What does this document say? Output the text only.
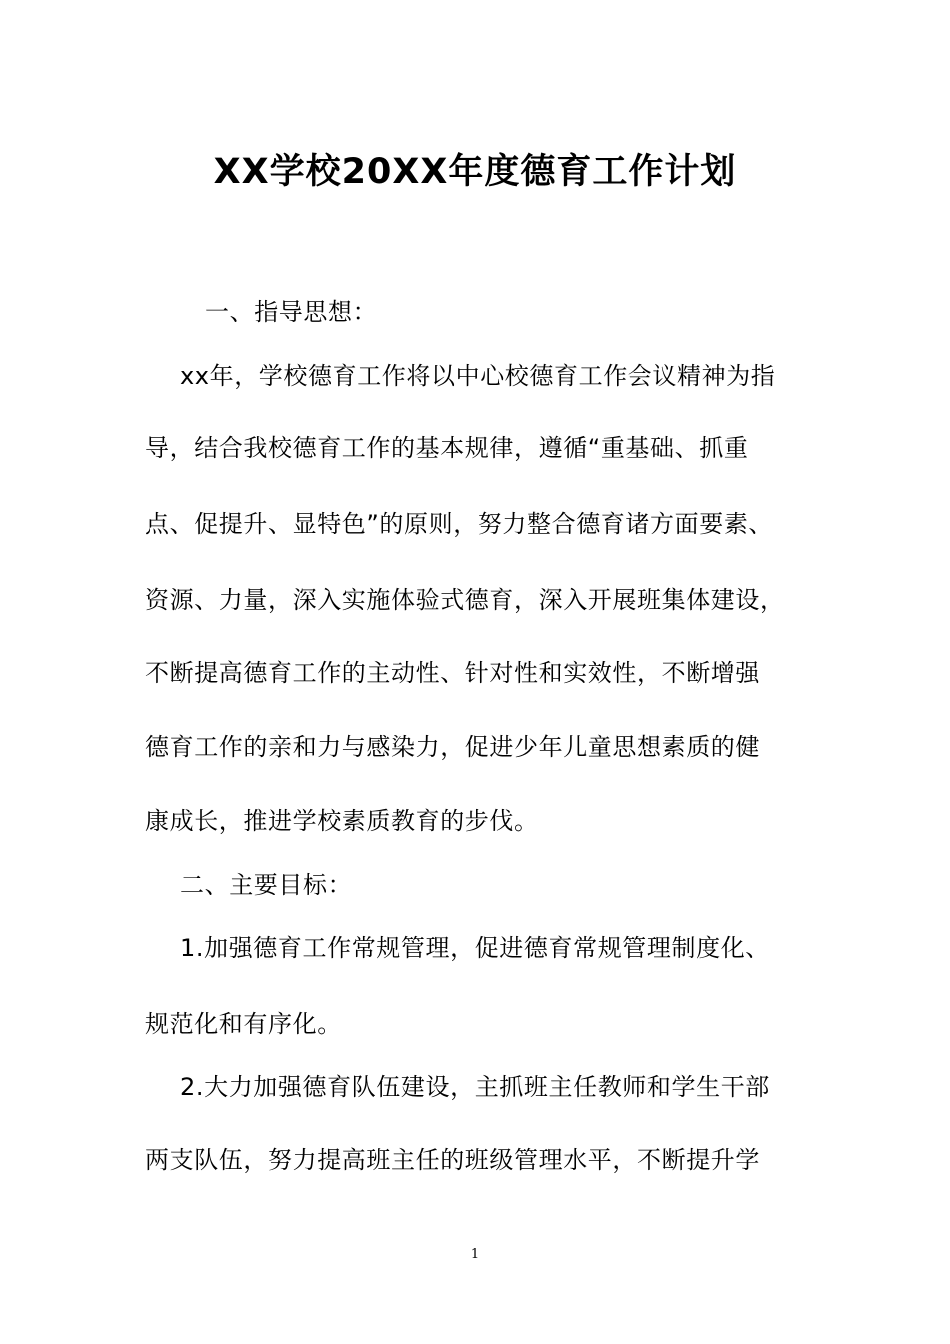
XX学校20XX年度德育工作计划
一、指导思想：
xx年，学校德育工作将以中心校德育工作会议精神为指
导，结合我校德育工作的基本规律，遵循“重基础、抓重
点、促提升、显特色”的原则，努力整合德育诸方面要素、
资源、力量，深入实施体验式德育，深入开展班集体建设，
不断提高德育工作的主动性、针对性和实效性，不断增强
德育工作的亲和力与感染力，促进少年儿童思想素质的健
康成长，推进学校素质教育的步伐。
二、主要目标：
1.加强德育工作常规管理，促进德育常规管理制度化、
规范化和有序化。
2.大力加强德育队伍建设，主抓班主任教师和学生干部
两支队伍，努力提高班主任的班级管理水平，不断提升学
1
